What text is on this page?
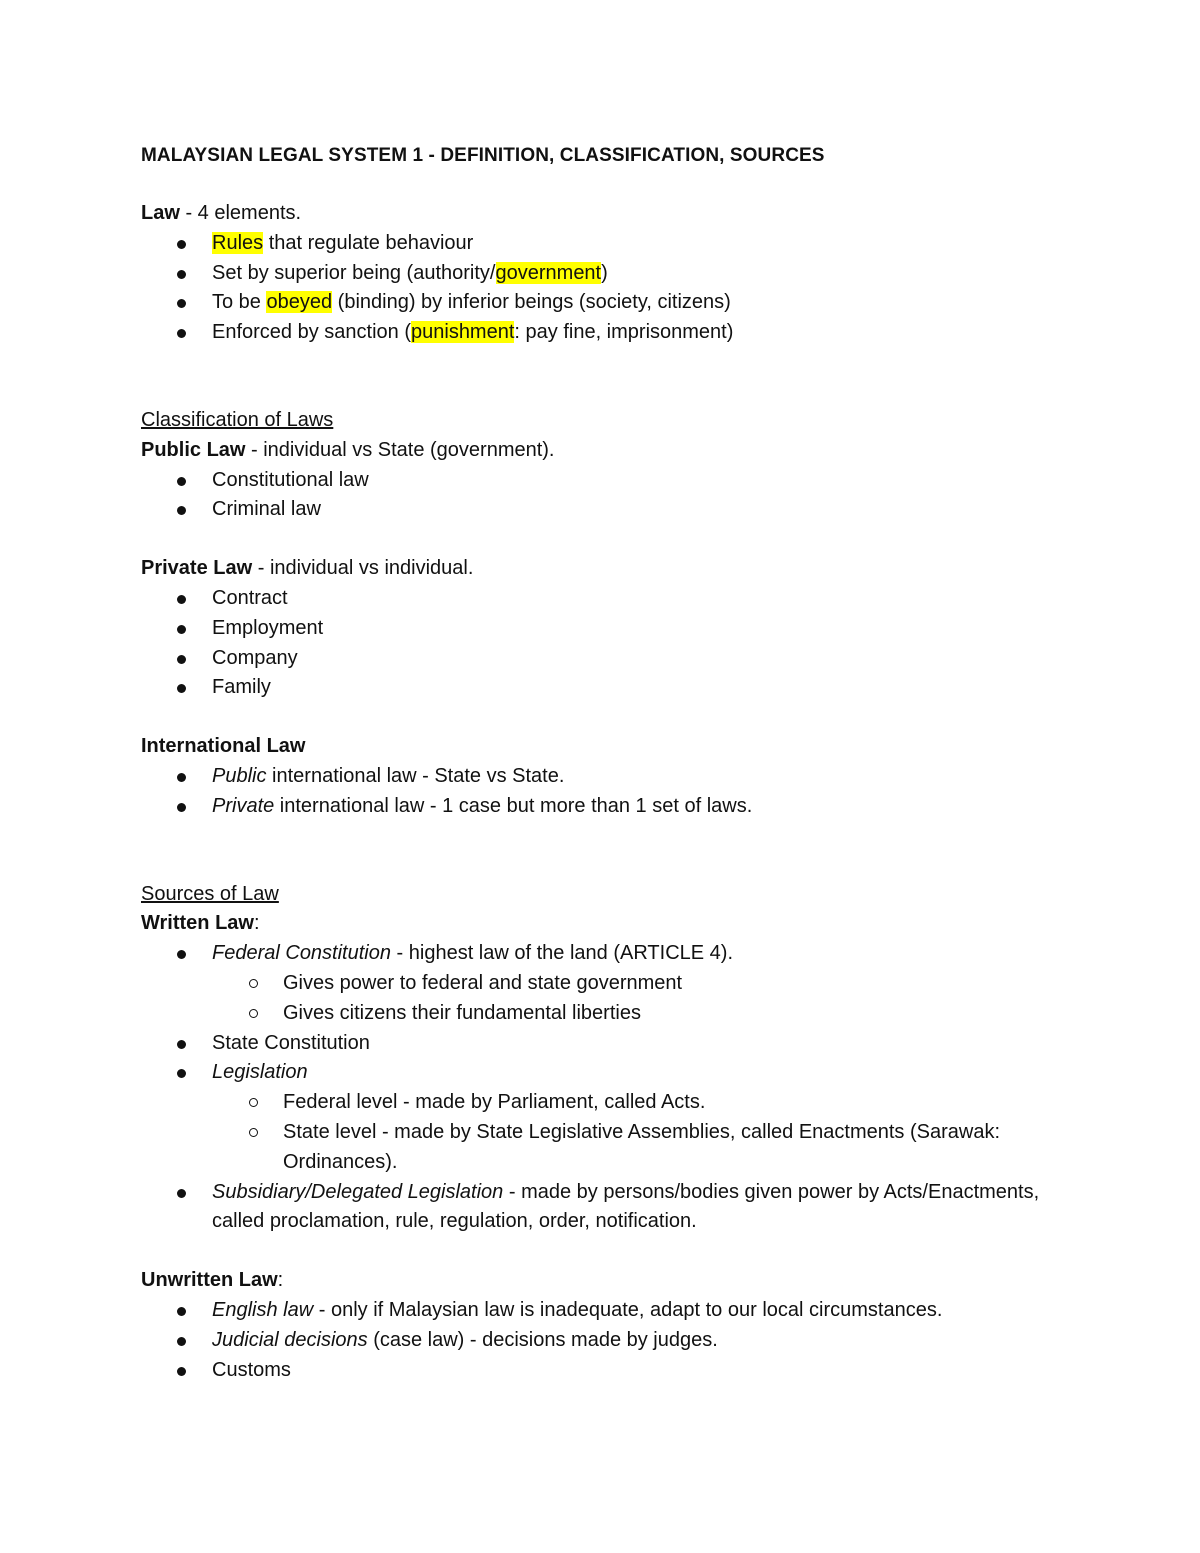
MALAYSIAN LEGAL SYSTEM 1 - DEFINITION, CLASSIFICATION, SOURCES

Law - 4 elements.

Rules that regulate behaviour
Set by superior being (authority/government)
To be obeyed (binding) by inferior beings (society, citizens)
Enforced by sanction (punishment: pay fine, imprisonment)

Classification of Laws

Public Law - individual vs State (government).

Constitutional law
Criminal law

Private Law - individual vs individual.

Contract
Employment
Company
Family

International Law

Public international law - State vs State.
Private international law - 1 case but more than 1 set of laws.

Sources of Law

Written Law:

Federal Constitution - highest law of the land (ARTICLE 4).
Gives power to federal and state government
Gives citizens their fundamental liberties
State Constitution
Legislation
Federal level - made by Parliament, called Acts.
State level - made by State Legislative Assemblies, called Enactments (Sarawak: Ordinances).
Subsidiary/Delegated Legislation - made by persons/bodies given power by Acts/Enactments, called proclamation, rule, regulation, order, notification.

Unwritten Law:

English law - only if Malaysian law is inadequate, adapt to our local circumstances.
Judicial decisions (case law) - decisions made by judges.
Customs
